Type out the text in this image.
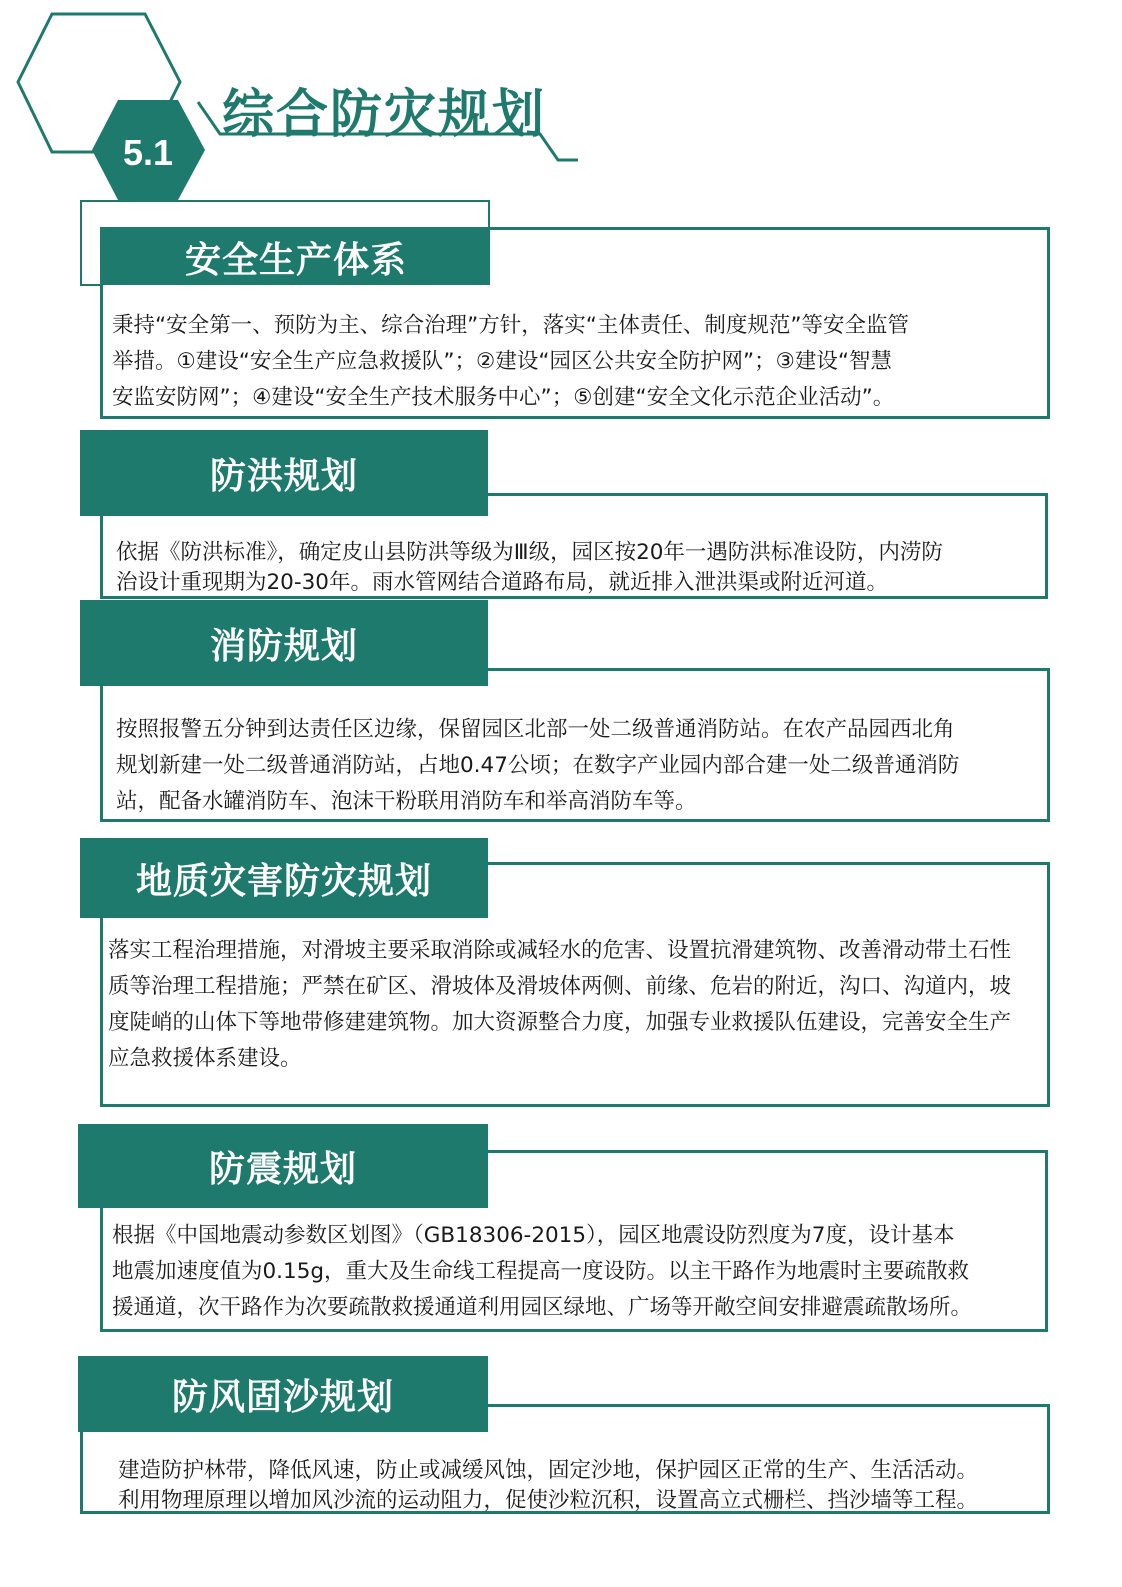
5.1
综合防灾规划
安全生产体系
秉持“安全第一、预防为主、综合治理”方针，落实“主体责任、制度规范”等安全监管
举措。①建设“安全生产应急救援队”；②建设“园区公共安全防护网”；③建设“智慧
安监安防网”；④建设“安全生产技术服务中心”；⑤创建“安全文化示范企业活动”。
防洪规划
依据《防洪标准》，确定皮山县防洪等级为Ⅲ级，园区按20年一遇防洪标准设防，内涝防
治设计重现期为20-30年。雨水管网结合道路布局，就近排入泄洪渠或附近河道。
消防规划
按照报警五分钟到达责任区边缘，保留园区北部一处二级普通消防站。在农产品园西北角
规划新建一处二级普通消防站，占地0.47公顷；在数字产业园内部合建一处二级普通消防
站，配备水罐消防车、泡沫干粉联用消防车和举高消防车等。
地质灾害防灾规划
落实工程治理措施，对滑坡主要采取消除或减轻水的危害、设置抗滑建筑物、改善滑动带土石性
质等治理工程措施；严禁在矿区、滑坡体及滑坡体两侧、前缘、危岩的附近，沟口、沟道内，坡
度陡峭的山体下等地带修建建筑物。加大资源整合力度，加强专业救援队伍建设，完善安全生产
应急救援体系建设。
防震规划
根据《中国地震动参数区划图》（GB18306-2015），园区地震设防烈度为7度，设计基本
地震加速度值为0.15g，重大及生命线工程提高一度设防。以主干路作为地震时主要疏散救
援通道，次干路作为次要疏散救援通道利用园区绿地、广场等开敞空间安排避震疏散场所。
防风固沙规划
建造防护林带，降低风速，防止或减缓风蚀，固定沙地，保护园区正常的生产、生活活动。
利用物理原理以增加风沙流的运动阻力，促使沙粒沉积，设置高立式栅栏、挡沙墙等工程。
